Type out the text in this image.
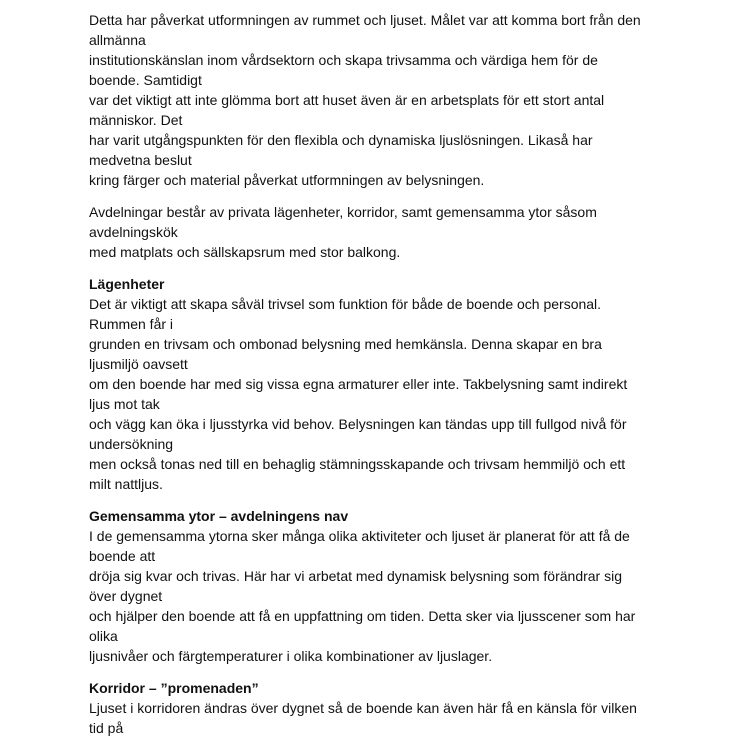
Detta har påverkat utformningen av rummet och ljuset. Målet var att komma bort från den allmänna
institutionskänslan inom vårdsektorn och skapa trivsamma och värdiga hem för de boende. Samtidigt
var det viktigt att inte glömma bort att huset även är en arbetsplats för ett stort antal människor. Det
har varit utgångspunkten för den flexibla och dynamiska ljuslösningen. Likaså har medvetna beslut
kring färger och material påverkat utformningen av belysningen.

Avdelningar består av privata lägenheter, korridor, samt gemensamma ytor såsom avdelningskök
med matplats och sällskapsrum med stor balkong.

Lägenheter

Det är viktigt att skapa såväl trivsel som funktion för både de boende och personal. Rummen får i
grunden en trivsam och ombonad belysning med hemkänsla. Denna skapar en bra ljusmiljö oavsett
om den boende har med sig vissa egna armaturer eller inte. Takbelysning samt indirekt ljus mot tak
och vägg kan öka i ljusstyrka vid behov. Belysningen kan tändas upp till fullgod nivå för undersökning
men också tonas ned till en behaglig stämningsskapande och trivsam hemmiljö och ett milt nattljus.

Gemensamma ytor – avdelningens nav

I de gemensamma ytorna sker många olika aktiviteter och ljuset är planerat för att få de boende att
dröja sig kvar och trivas. Här har vi arbetat med dynamisk belysning som förändrar sig över dygnet
och hjälper den boende att få en uppfattning om tiden. Detta sker via ljusscener som har olika
ljusnivåer och färgtemperaturer i olika kombinationer av ljuslager.

Korridor – ”promenaden”

Ljuset i korridoren ändras över dygnet så de boende kan även här få en känsla för vilken tid på
